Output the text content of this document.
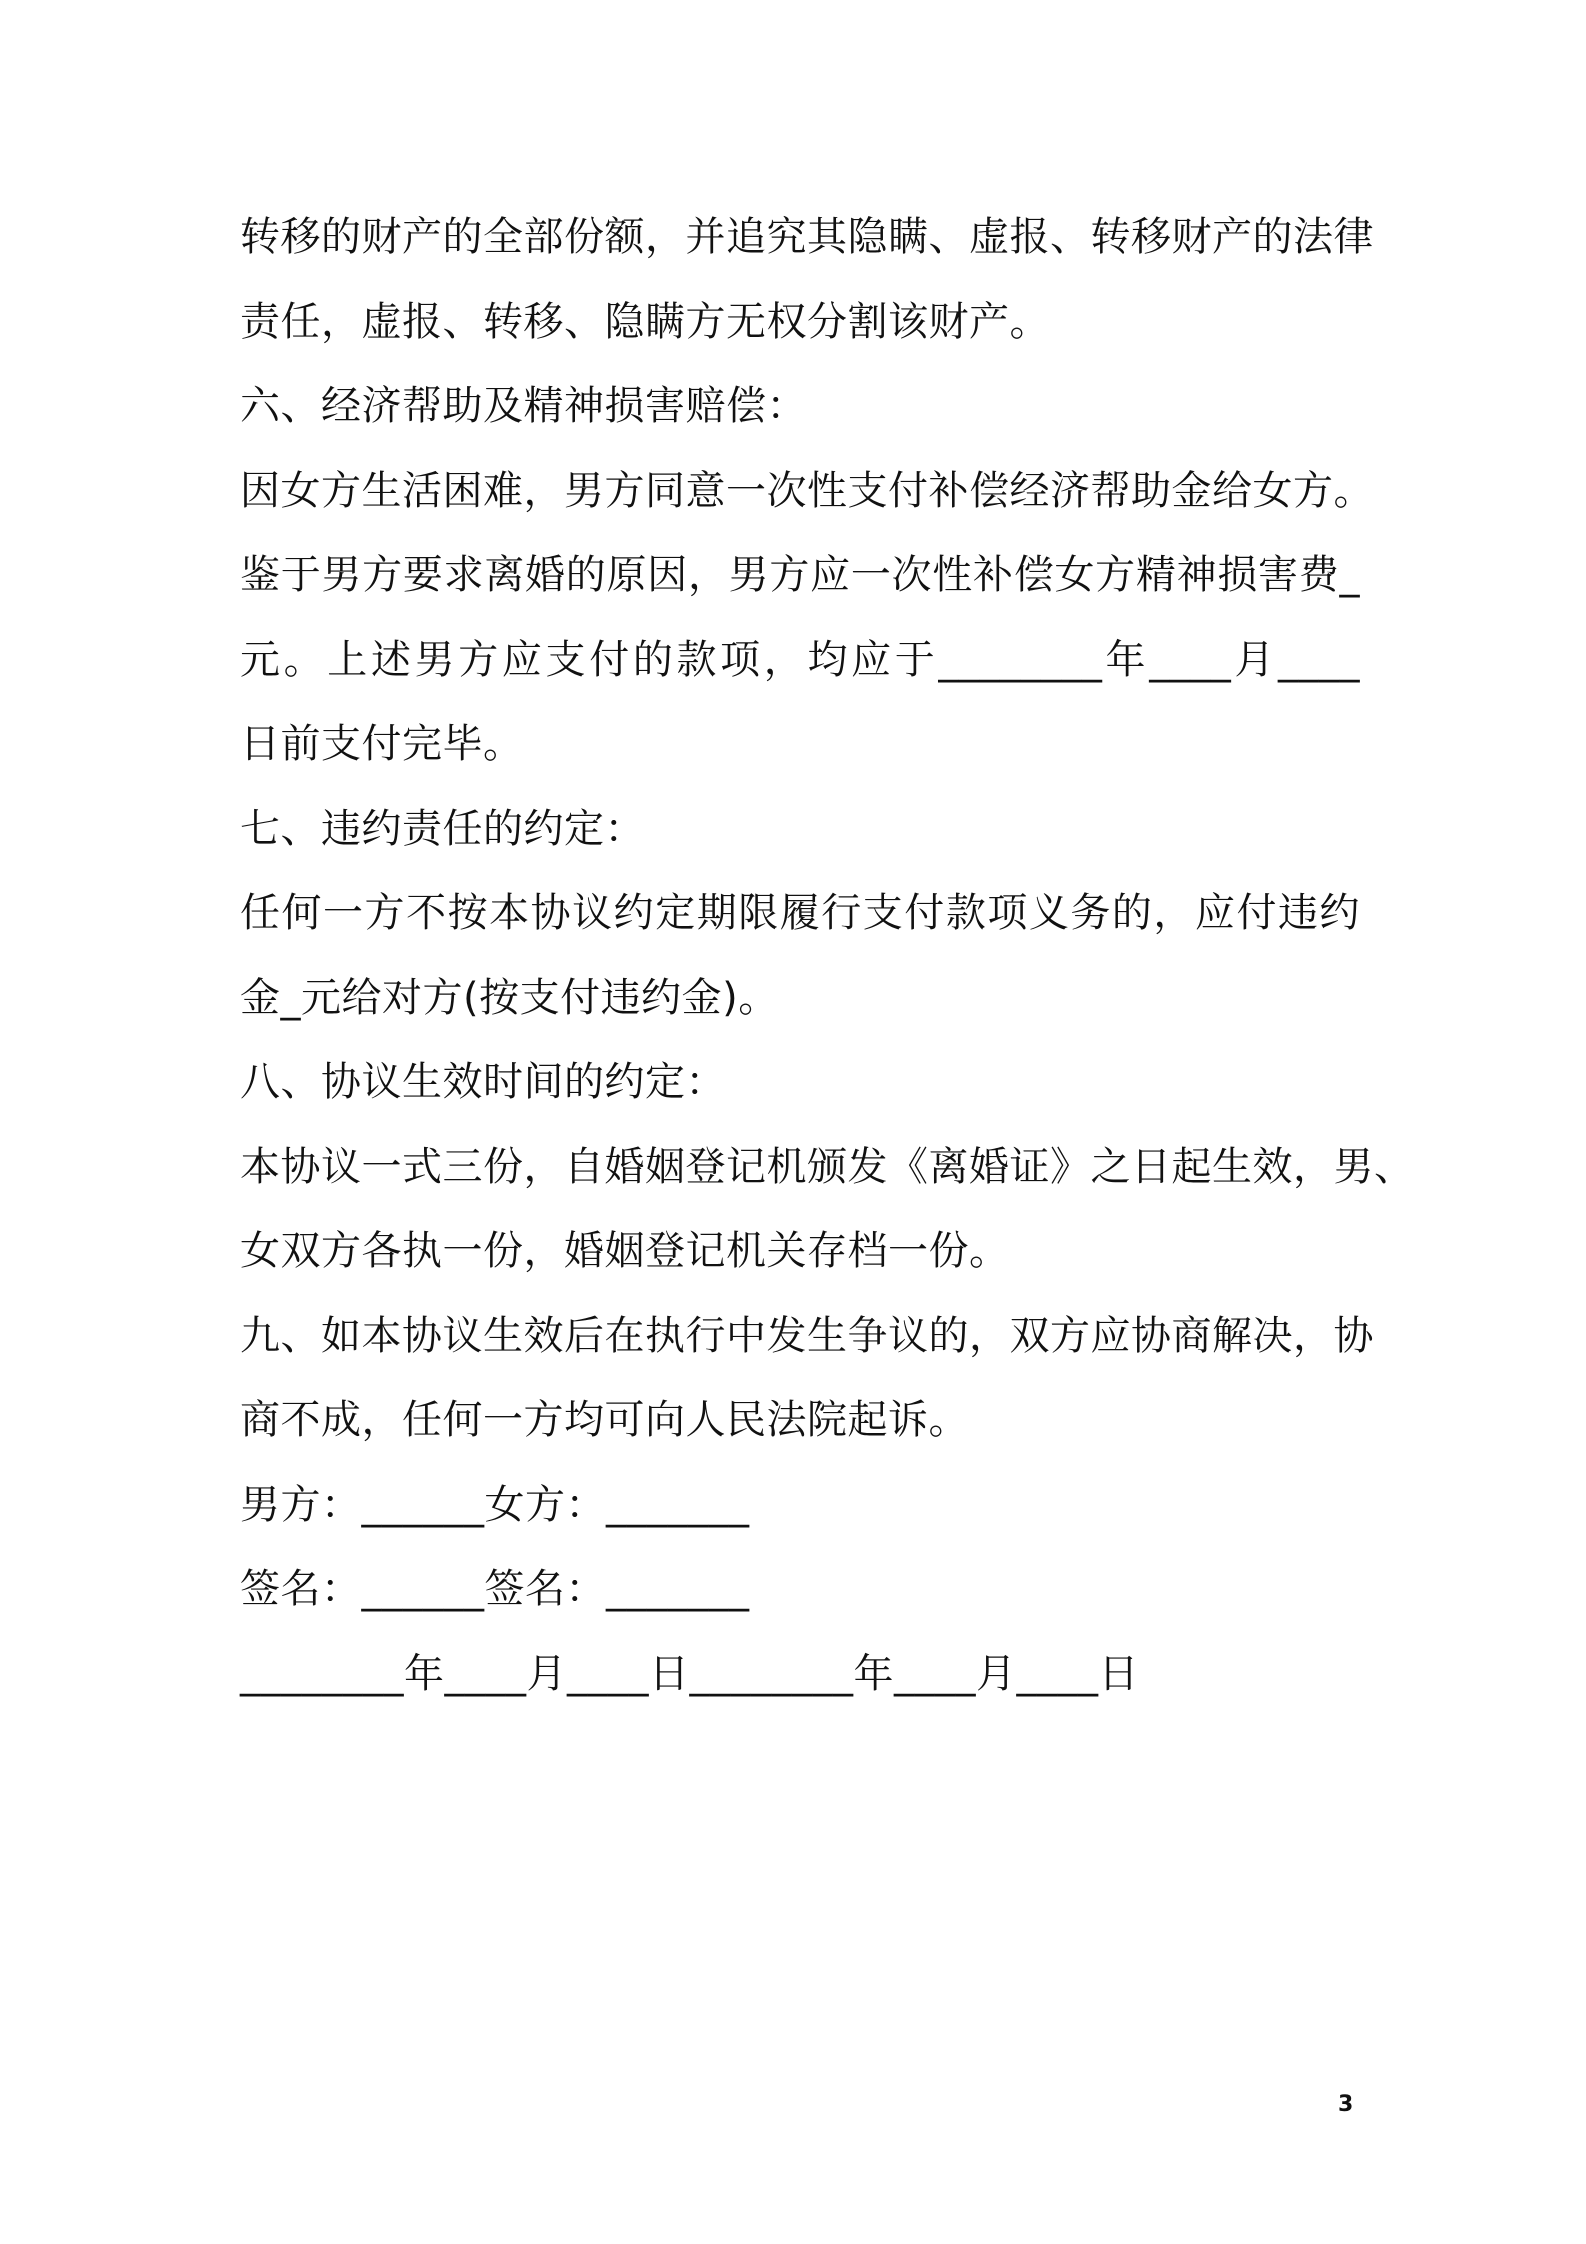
转移的财产的全部份额，并追究其隐瞒、虚报、转移财产的法律
责任，虚报、转移、隐瞒方无权分割该财产。
六、经济帮助及精神损害赔偿：
因女方生活困难，男方同意一次性支付补偿经济帮助金给女方。
鉴于男方要求离婚的原因，男方应一次性补偿女方精神损害费_
元。上述男方应支付的款项，均应于________年____月____
日前支付完毕。
七、违约责任的约定：
任何一方不按本协议约定期限履行支付款项义务的，应付违约
金_元给对方(按支付违约金)。
八、协议生效时间的约定：
本协议一式三份，自婚姻登记机颁发《离婚证》之日起生效，男、
女双方各执一份，婚姻登记机关存档一份。
九、如本协议生效后在执行中发生争议的，双方应协商解决，协
商不成，任何一方均可向人民法院起诉。
男方：______女方：_______
签名：______签名：_______
________年____月____日________年____月____日
3
